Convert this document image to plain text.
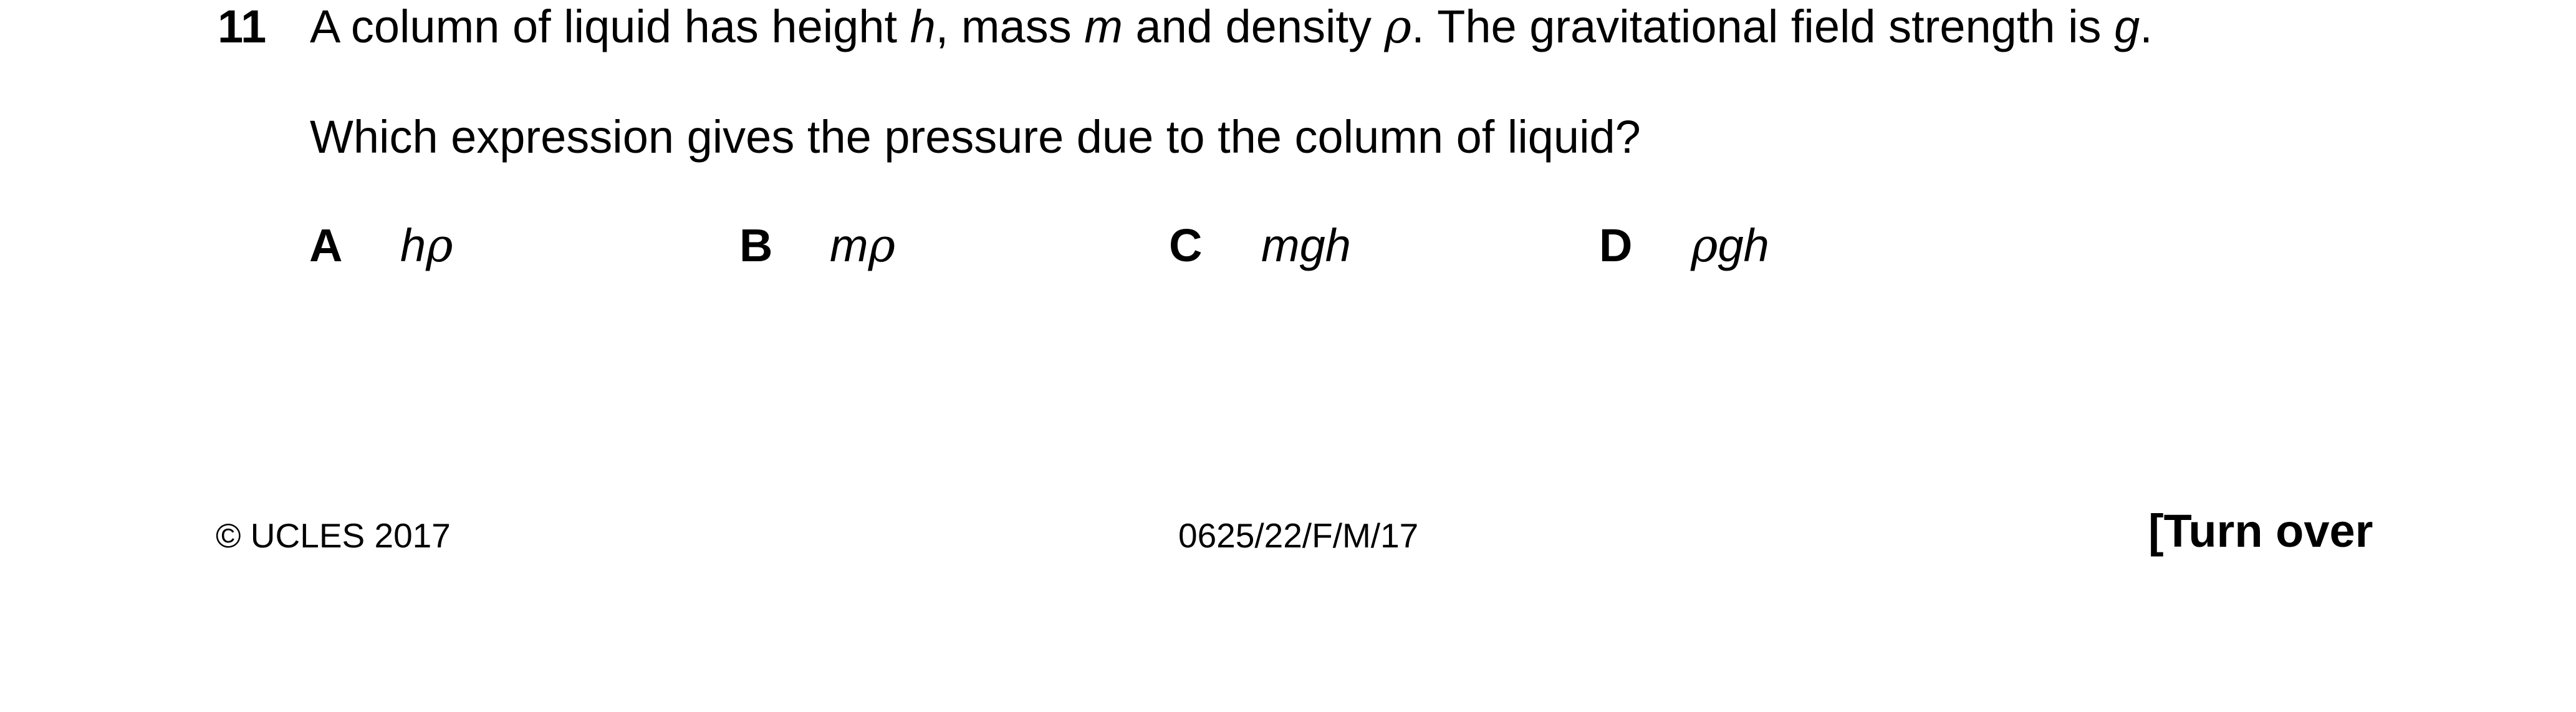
11 A column of liquid has height h, mass m and density ρ. The gravitational field strength is g.
Which expression gives the pressure due to the column of liquid?
A hρ	B mρ	C mgh	D ρgh
© UCLES 2017	0625/22/F/M/17	[Turn over
